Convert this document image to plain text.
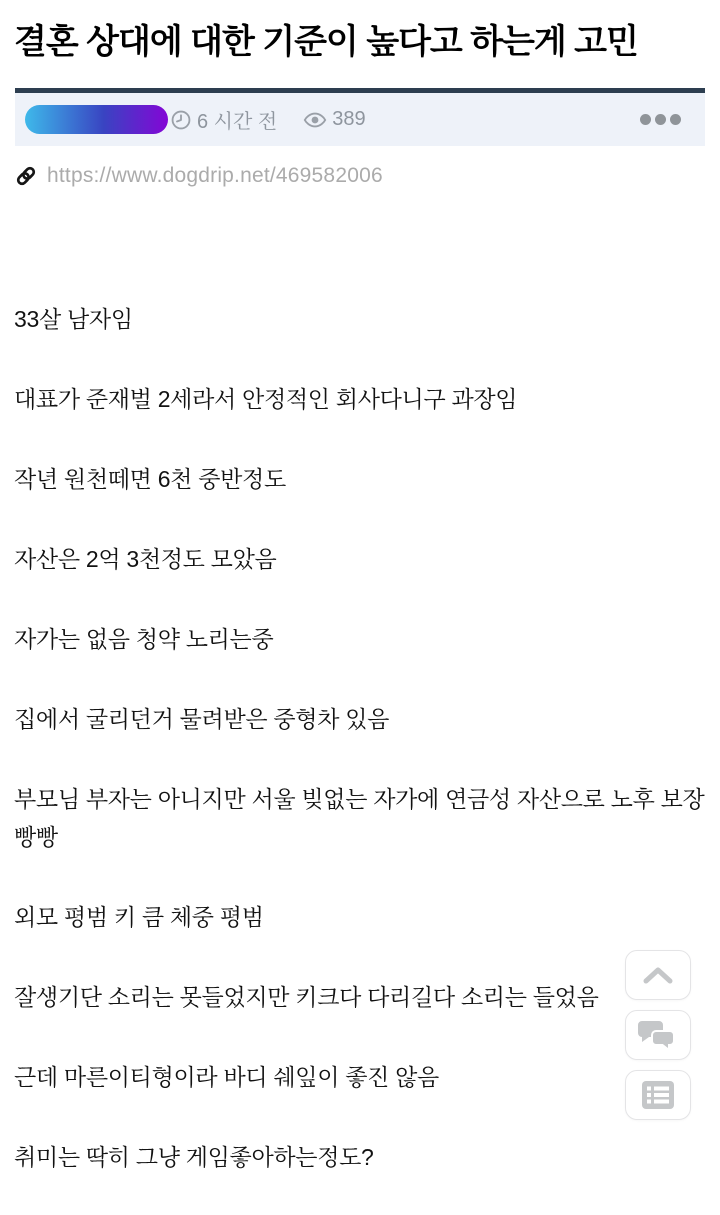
결혼 상대에 대한 기준이 높다고 하는게 고민
6 시간 전	389
https://www.dogdrip.net/469582006

33살 남자임

대표가 준재벌 2세라서 안정적인 회사다니구 과장임

작년 원천떼면 6천 중반정도

자산은 2억 3천정도 모았음

자가는 없음 청약 노리는중

집에서 굴리던거 물려받은 중형차 있음

부모님 부자는 아니지만 서울 빚없는 자가에 연금성 자산으로 노후 보장빵빵

외모 평범 키 큼 체중 평범

잘생기단 소리는 못들었지만 키크다 다리길다 소리는 들었음

근데 마른이티형이라 바디 쉐잎이 좋진 않음

취미는 딱히 그냥 게임좋아하는정도?
